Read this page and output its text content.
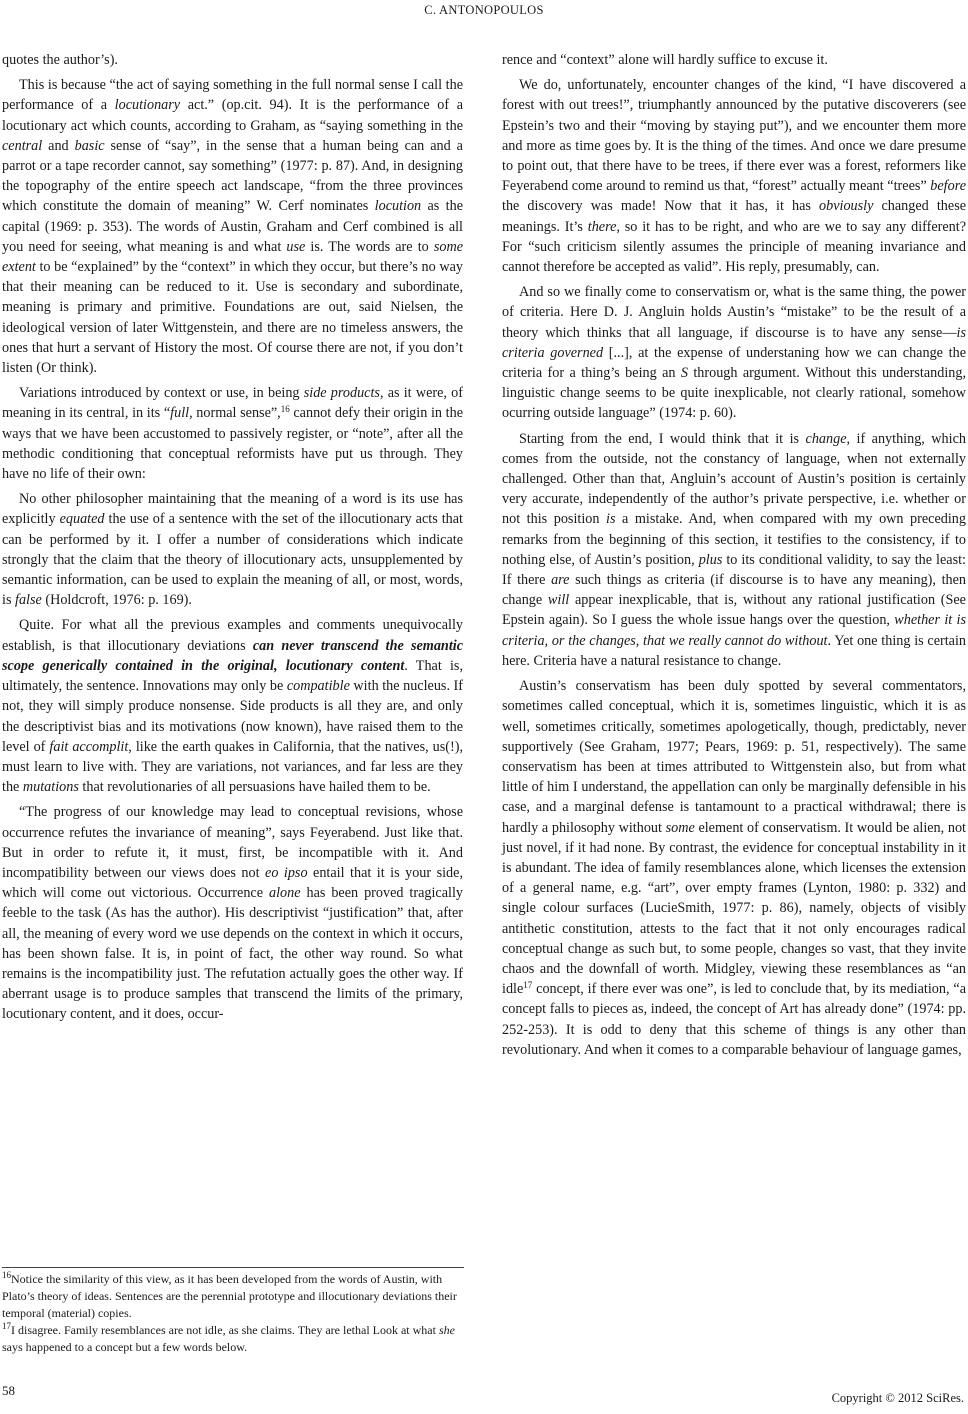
C. ANTONOPOULOS

quotes the author’s).

This is because “the act of saying something in the full normal sense I call the performance of a locutionary act.” (op.cit. 94). It is the performance of a locutionary act which counts, according to Graham, as “saying something in the central and basic sense of “say”, in the sense that a human being can and a parrot or a tape recorder cannot, say something” (1977: p. 87). And, in designing the topography of the entire speech act landscape, “from the three provinces which constitute the domain of meaning” W. Cerf nominates locution as the capital (1969: p. 353). The words of Austin, Graham and Cerf combined is all you need for seeing, what meaning is and what use is. The words are to some extent to be “explained” by the “context” in which they occur, but there’s no way that their meaning can be reduced to it. Use is secondary and subordinate, meaning is primary and primitive. Foundations are out, said Nielsen, the ideological version of later Wittgenstein, and there are no timeless answers, the ones that hurt a servant of History the most. Of course there are not, if you don’t listen (Or think).

Variations introduced by context or use, in being side products, as it were, of meaning in its central, in its “full, normal sense”,$^{16}$ cannot defy their origin in the ways that we have been accustomed to passively register, or “note”, after all the methodic conditioning that conceptual reformists have put us through. They have no life of their own:

No other philosopher maintaining that the meaning of a word is its use has explicitly equated the use of a sentence with the set of the illocutionary acts that can be performed by it. I offer a number of considerations which indicate strongly that the claim that the theory of illocutionary acts, unsupplemented by semantic information, can be used to explain the meaning of all, or most, words, is false (Holdcroft, 1976: p. 169).

Quite. For what all the previous examples and comments unequivocally establish, is that illocutionary deviations can never transcend the semantic scope generically contained in the original, locutionary content. That is, ultimately, the sentence. Innovations may only be compatible with the nucleus. If not, they will simply produce nonsense. Side products is all they are, and only the descriptivist bias and its motivations (now known), have raised them to the level of fait accomplit, like the earth quakes in California, that the natives, us(!), must learn to live with. They are variations, not variances, and far less are they the mutations that revolutionaries of all persuasions have hailed them to be.

“The progress of our knowledge may lead to conceptual revisions, whose occurrence refutes the invariance of meaning”, says Feyerabend. Just like that. But in order to refute it, it must, first, be incompatible with it. And incompatibility between our views does not eo ipso entail that it is your side, which will come out victorious. Occurrence alone has been proved tragically feeble to the task (As has the author). His descriptivist “justification” that, after all, the meaning of every word we use depends on the context in which it occurs, has been shown false. It is, in point of fact, the other way round. So what remains is the incompatibility just. The refutation actually goes the other way. If aberrant usage is to produce samples that transcend the limits of the primary, locutionary content, and it does, occur-

rence and “context” alone will hardly suffice to excuse it.

We do, unfortunately, encounter changes of the kind, “I have discovered a forest with out trees!”, triumphantly announced by the putative discoverers (see Epstein’s two and their “moving by staying put”), and we encounter them more and more as time goes by. It is the thing of the times. And once we dare presume to point out, that there have to be trees, if there ever was a forest, reformers like Feyerabend come around to remind us that, “forest” actually meant “trees” before the discovery was made! Now that it has, it has obviously changed these meanings. It’s there, so it has to be right, and who are we to say any different? For “such criticism silently assumes the principle of meaning invariance and cannot therefore be accepted as valid”. His reply, presumably, can.

And so we finally come to conservatism or, what is the same thing, the power of criteria. Here D. J. Angluin holds Austin’s “mistake” to be the result of a theory which thinks that all language, if discourse is to have any sense—is criteria governed [...], at the expense of understaning how we can change the criteria for a thing’s being an S through argument. Without this understanding, linguistic change seems to be quite inexplicable, not clearly rational, somehow ocurring outside language” (1974: p. 60).

Starting from the end, I would think that it is change, if anything, which comes from the outside, not the constancy of language, when not externally challenged. Other than that, Angluin’s account of Austin’s position is certainly very accurate, independently of the author’s private perspective, i.e. whether or not this position is a mistake. And, when compared with my own preceding remarks from the beginning of this section, it testifies to the consistency, if to nothing else, of Austin’s position, plus to its conditional validity, to say the least: If there are such things as criteria (if discourse is to have any meaning), then change will appear inexplicable, that is, without any rational justification (See Epstein again). So I guess the whole issue hangs over the question, whether it is criteria, or the changes, that we really cannot do without. Yet one thing is certain here. Criteria have a natural resistance to change.

Austin’s conservatism has been duly spotted by several commentators, sometimes called conceptual, which it is, sometimes linguistic, which it is as well, sometimes critically, sometimes apologetically, though, predictably, never supportively (See Graham, 1977; Pears, 1969: p. 51, respectively). The same conservatism has been at times attributed to Wittgenstein also, but from what little of him I understand, the appellation can only be marginally defensible in his case, and a marginal defense is tantamount to a practical withdrawal; there is hardly a philosophy without some element of conservatism. It would be alien, not just novel, if it had none. By contrast, the evidence for conceptual instability in it is abundant. The idea of family resemblances alone, which licenses the extension of a general name, e.g. “art”, over empty frames (Lynton, 1980: p. 332) and single colour surfaces (LucieSmith, 1977: p. 86), namely, objects of visibly antithetic constitution, attests to the fact that it not only encourages radical conceptual change as such but, to some people, changes so vast, that they invite chaos and the downfall of worth. Midgley, viewing these resemblances as “an idle$^{17}$ concept, if there ever was one”, is led to conclude that, by its mediation, “a concept falls to pieces as, indeed, the concept of Art has already done” (1974: pp. 252-253). It is odd to deny that this scheme of things is any other than revolutionary. And when it comes to a comparable behaviour of language games,

$^{16}$Notice the similarity of this view, as it has been developed from the words of Austin, with Plato’s theory of ideas. Sentences are the perennial prototype and illocutionary deviations their temporal (material) copies.

$^{17}$I disagree. Family resemblances are not idle, as she claims. They are lethal Look at what she says happened to a concept but a few words below.

58	Copyright © 2012 SciRes.
